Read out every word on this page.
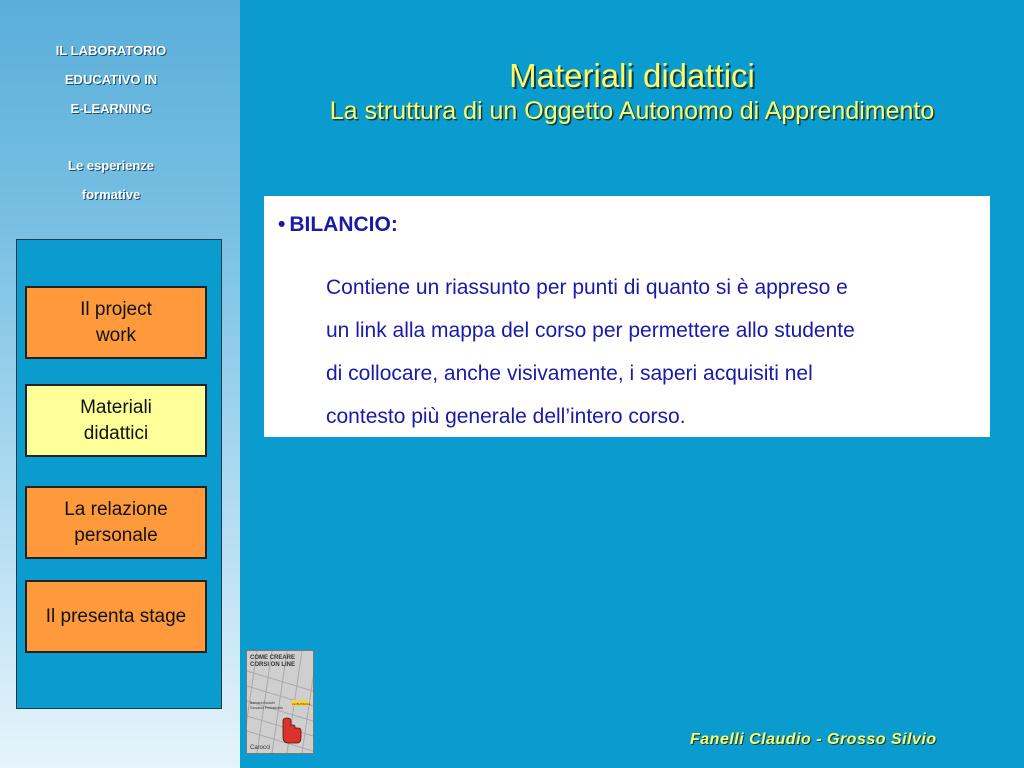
IL LABORATORIO
EDUCATIVO IN
E-LEARNING
Le esperienze
formative
Il project
work
Materiali
didattici
La relazione
personale
Il presenta stage
Materiali didattici
La struttura di un Oggetto Autonomo di Apprendimento
• BILANCIO:
Contiene un riassunto per punti di quanto si è appreso e
un link alla mappa del corso per permettere allo studente
di collocare, anche visivamente, i saperi acquisiti nel
contesto più generale dell’intero corso.
COME CREARE
CORSI ON LINE
Barbara Bruschi
Giovanni Perissinotto
LE BUSSOLE
Carocci	Fanelli Claudio - Grosso Silvio
